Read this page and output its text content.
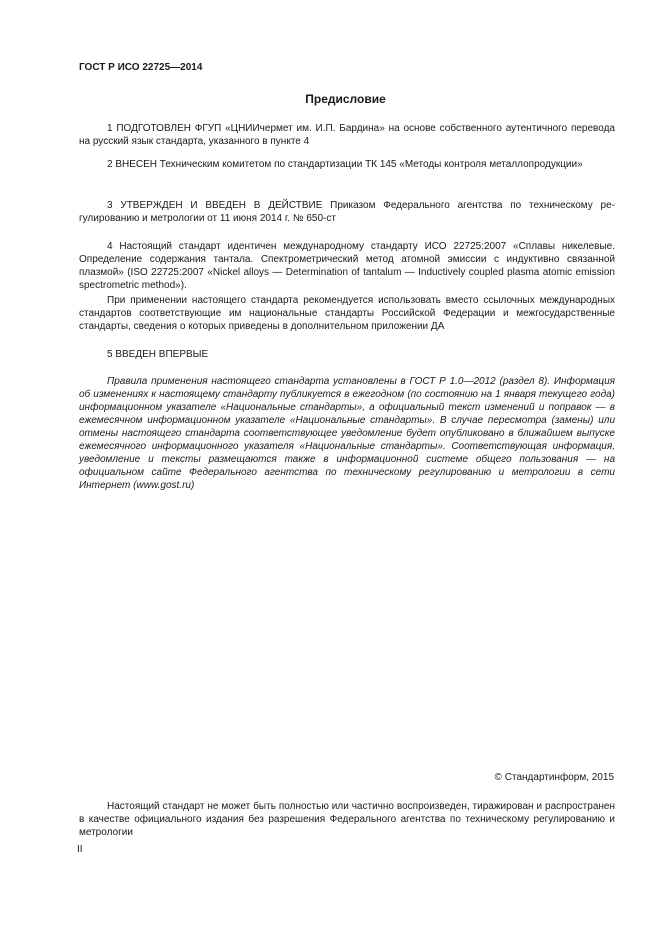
ГОСТ Р ИСО 22725—2014
Предисловие
1 ПОДГОТОВЛЕН ФГУП «ЦНИИчермет им. И.П. Бардина» на основе собственного аутентичного перевода на русский язык стандарта, указанного в пункте 4
2 ВНЕСЕН Техническим комитетом по стандартизации ТК 145 «Методы контроля металлопродукции»
3 УТВЕРЖДЕН И ВВЕДЕН В ДЕЙСТВИЕ Приказом Федерального агентства по техническому регулированию и метрологии от 11 июня 2014 г. № 650-ст
4 Настоящий стандарт идентичен международному стандарту ИСО 22725:2007 «Сплавы никелевые. Определение содержания тантала. Спектрометрический метод атомной эмиссии с индуктивно связанной плазмой» (ISO 22725:2007 «Nickel alloys — Determination of tantalum — Inductively coupled plasma atomic emission spectrometric method»).
При применении настоящего стандарта рекомендуется использовать вместо ссылочных международных стандартов соответствующие им национальные стандарты Российской Федерации и межгосударственные стандарты, сведения о которых приведены в дополнительном приложении ДА
5 ВВЕДЕН ВПЕРВЫЕ
Правила применения настоящего стандарта установлены в ГОСТ Р 1.0—2012 (раздел 8). Информация об изменениях к настоящему стандарту публикуется в ежегодном (по состоянию на 1 января текущего года) информационном указателе «Национальные стандарты», а официальный текст изменений и поправок — в ежемесячном информационном указателе «Национальные стандарты». В случае пересмотра (замены) или отмены настоящего стандарта соответствующее уведомление будет опубликовано в ближайшем выпуске ежемесячного информационного указателя «Национальные стандарты». Соответствующая информация, уведомление и тексты размещаются также в информационной системе общего пользования — на официальном сайте Федерального агентства по техническому регулированию и метрологии в сети Интернет (www.gost.ru)
© Стандартинформ, 2015
Настоящий стандарт не может быть полностью или частично воспроизведен, тиражирован и распространен в качестве официального издания без разрешения Федерального агентства по техническому регулированию и метрологии
II
